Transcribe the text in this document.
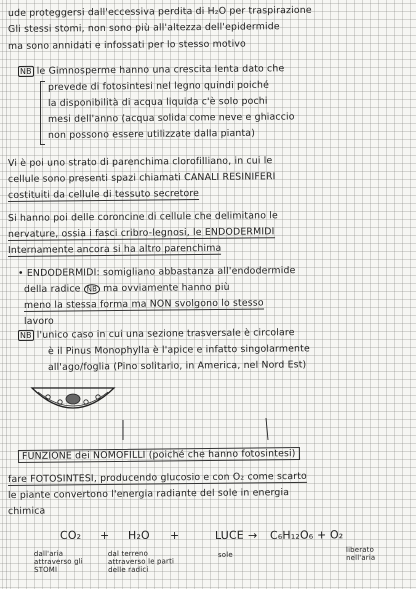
ude proteggersi dall'eccessiva perdita di H₂O per traspirazione
Gli stessi stomi, non sono più all'altezza dell'epidermide
ma sono annidati e infossati per lo stesso motivo
NB le Gimnosperme hanno una crescita lenta dato che
prevede di fotosintesi nel legno quindi poiché
la disponibilità di acqua liquida c'è solo pochi
mesi dell'anno (acqua solida come neve e ghiaccio
non possono essere utilizzate dalla pianta)
Vi è poi uno strato di parenchima clorofilliano, in cui le
cellule sono presenti spazi chiamati CANALI RESINIFERI
costituiti da cellule di tessuto secretore
Si hanno poi delle coroncine di cellule che delimitano le
nervature, ossia i fasci cribro-legnosi, le ENDODERMIDI
Internamente ancora si ha altro parenchima
• ENDODERMIDI: somigliano abbastanza all'endodermide
della radice NB ma ovviamente hanno più
meno la stessa forma ma NON svolgono lo stesso
lavoro
NB l'unico caso in cui una sezione trasversale è circolare
è il Pinus Monophylla è l'apice e infatto singolarmente
all'ago/foglia (Pino solitario, in America, nel Nord Est)
FUNZIONE dei NOMOFILLI (poiché che hanno fotosintesi)
fare FOTOSINTESI, producendo glucosio e con O₂ come scarto
le piante convertono l'energia radiante del sole in energia
chimica
CO₂ + H₂O +	LUCE → C₆H₁₂O₆ + O₂
dall'aria attraverso gli STOMI
dal terreno attraverso le parti delle radici
sole
liberato nell'aria
